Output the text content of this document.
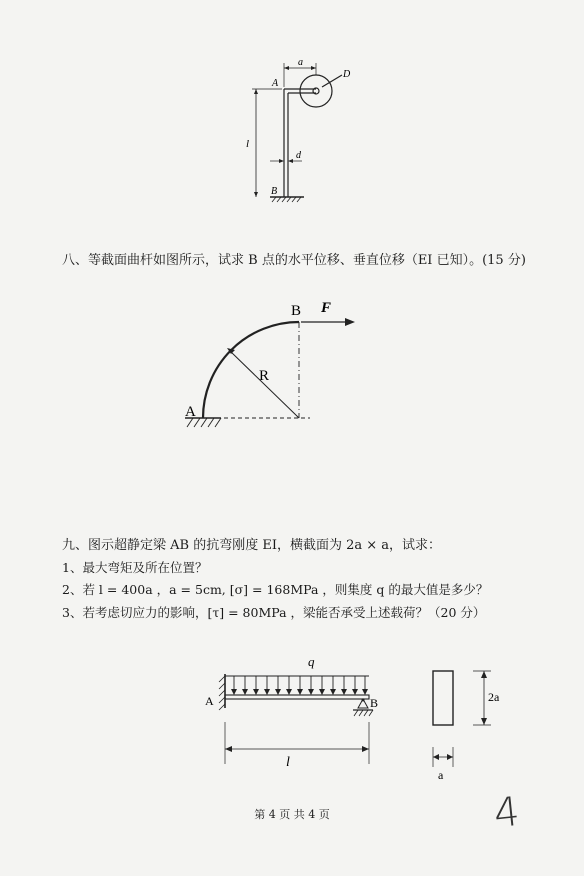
a
A
D
l
d
B
八、等截面曲杆如图所示，试求 B 点的水平位移、垂直位移（EI 已知）。(15 分)
B F
R
A
九、图示超静定梁 AB 的抗弯刚度 EI，横截面为 2a × a，试求：
1、最大弯矩及所在位置？
2、若 l = 400a ，a = 5cm, [σ] = 168MPa ，则集度 q 的最大值是多少？
3、若考虑切应力的影响，[τ] = 80MPa ，梁能否承受上述载荷？（20 分）
q
A	B
l
2a
a
第 4 页 共 4 页	4
